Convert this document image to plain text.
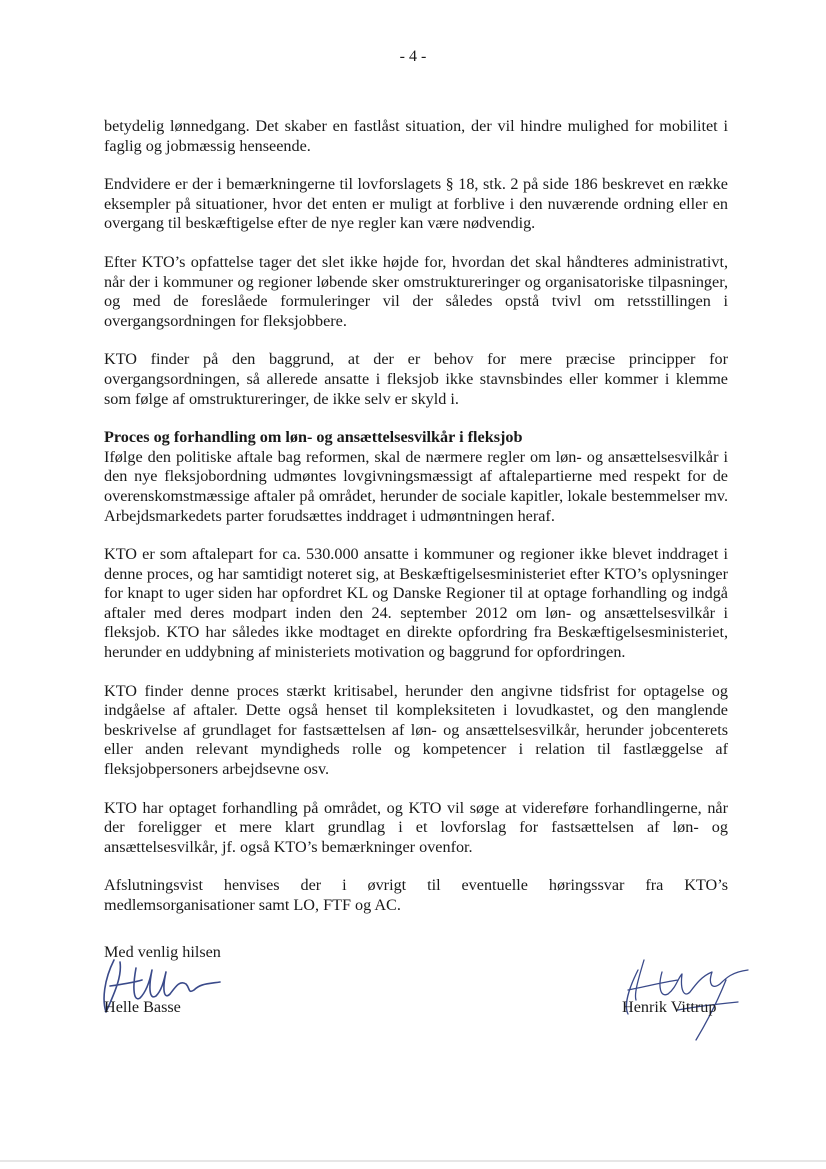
- 4 -

betydelig lønnedgang. Det skaber en fastlåst situation, der vil hindre mulighed for mobilitet i faglig og jobmæssig henseende.

Endvidere er der i bemærkningerne til lovforslagets § 18, stk. 2 på side 186 beskrevet en række eksempler på situationer, hvor det enten er muligt at forblive i den nuværende ordning eller en overgang til beskæftigelse efter de nye regler kan være nødvendig.

Efter KTO’s opfattelse tager det slet ikke højde for, hvordan det skal håndteres administrativt, når der i kommuner og regioner løbende sker omstruktureringer og organisatoriske tilpasninger, og med de foreslåede formuleringer vil der således opstå tvivl om retsstillingen i overgangsordningen for fleksjobbere.

KTO finder på den baggrund, at der er behov for mere præcise principper for overgangsordningen, så allerede ansatte i fleksjob ikke stavnsbindes eller kommer i klemme som følge af omstruktureringer, de ikke selv er skyld i.

Proces og forhandling om løn- og ansættelsesvilkår i fleksjob

Ifølge den politiske aftale bag reformen, skal de nærmere regler om løn- og ansættelsesvilkår i den nye fleksjobordning udmøntes lovgivningsmæssigt af aftalepartierne med respekt for de overenskomstmæssige aftaler på området, herunder de sociale kapitler, lokale bestemmelser mv. Arbejdsmarkedets parter forudsættes inddraget i udmøntningen heraf.

KTO er som aftalepart for ca. 530.000 ansatte i kommuner og regioner ikke blevet inddraget i denne proces, og har samtidigt noteret sig, at Beskæftigelsesministeriet efter KTO’s oplysninger for knapt to uger siden har opfordret KL og Danske Regioner til at optage forhandling og indgå aftaler med deres modpart inden den 24. september 2012 om løn- og ansættelsesvilkår i fleksjob. KTO har således ikke modtaget en direkte opfordring fra Beskæftigelsesministeriet, herunder en uddybning af ministeriets motivation og baggrund for opfordringen.

KTO finder denne proces stærkt kritisabel, herunder den angivne tidsfrist for optagelse og indgåelse af aftaler. Dette også henset til kompleksiteten i lovudkastet, og den manglende beskrivelse af grundlaget for fastsættelsen af løn- og ansættelsesvilkår, herunder jobcenterets eller anden relevant myndigheds rolle og kompetencer i relation til fastlæggelse af fleksjobpersoners arbejdsevne osv.

KTO har optaget forhandling på området, og KTO vil søge at videreføre forhandlingerne, når der foreligger et mere klart grundlag i et lovforslag for fastsættelsen af løn- og ansættelsesvilkår, jf. også KTO’s bemærkninger ovenfor.

Afslutningsvist henvises der i øvrigt til eventuelle høringssvar fra KTO’s medlemsorganisationer samt LO, FTF og AC.

Med venlig hilsen
Helle Basse	Henrik Vittrup
